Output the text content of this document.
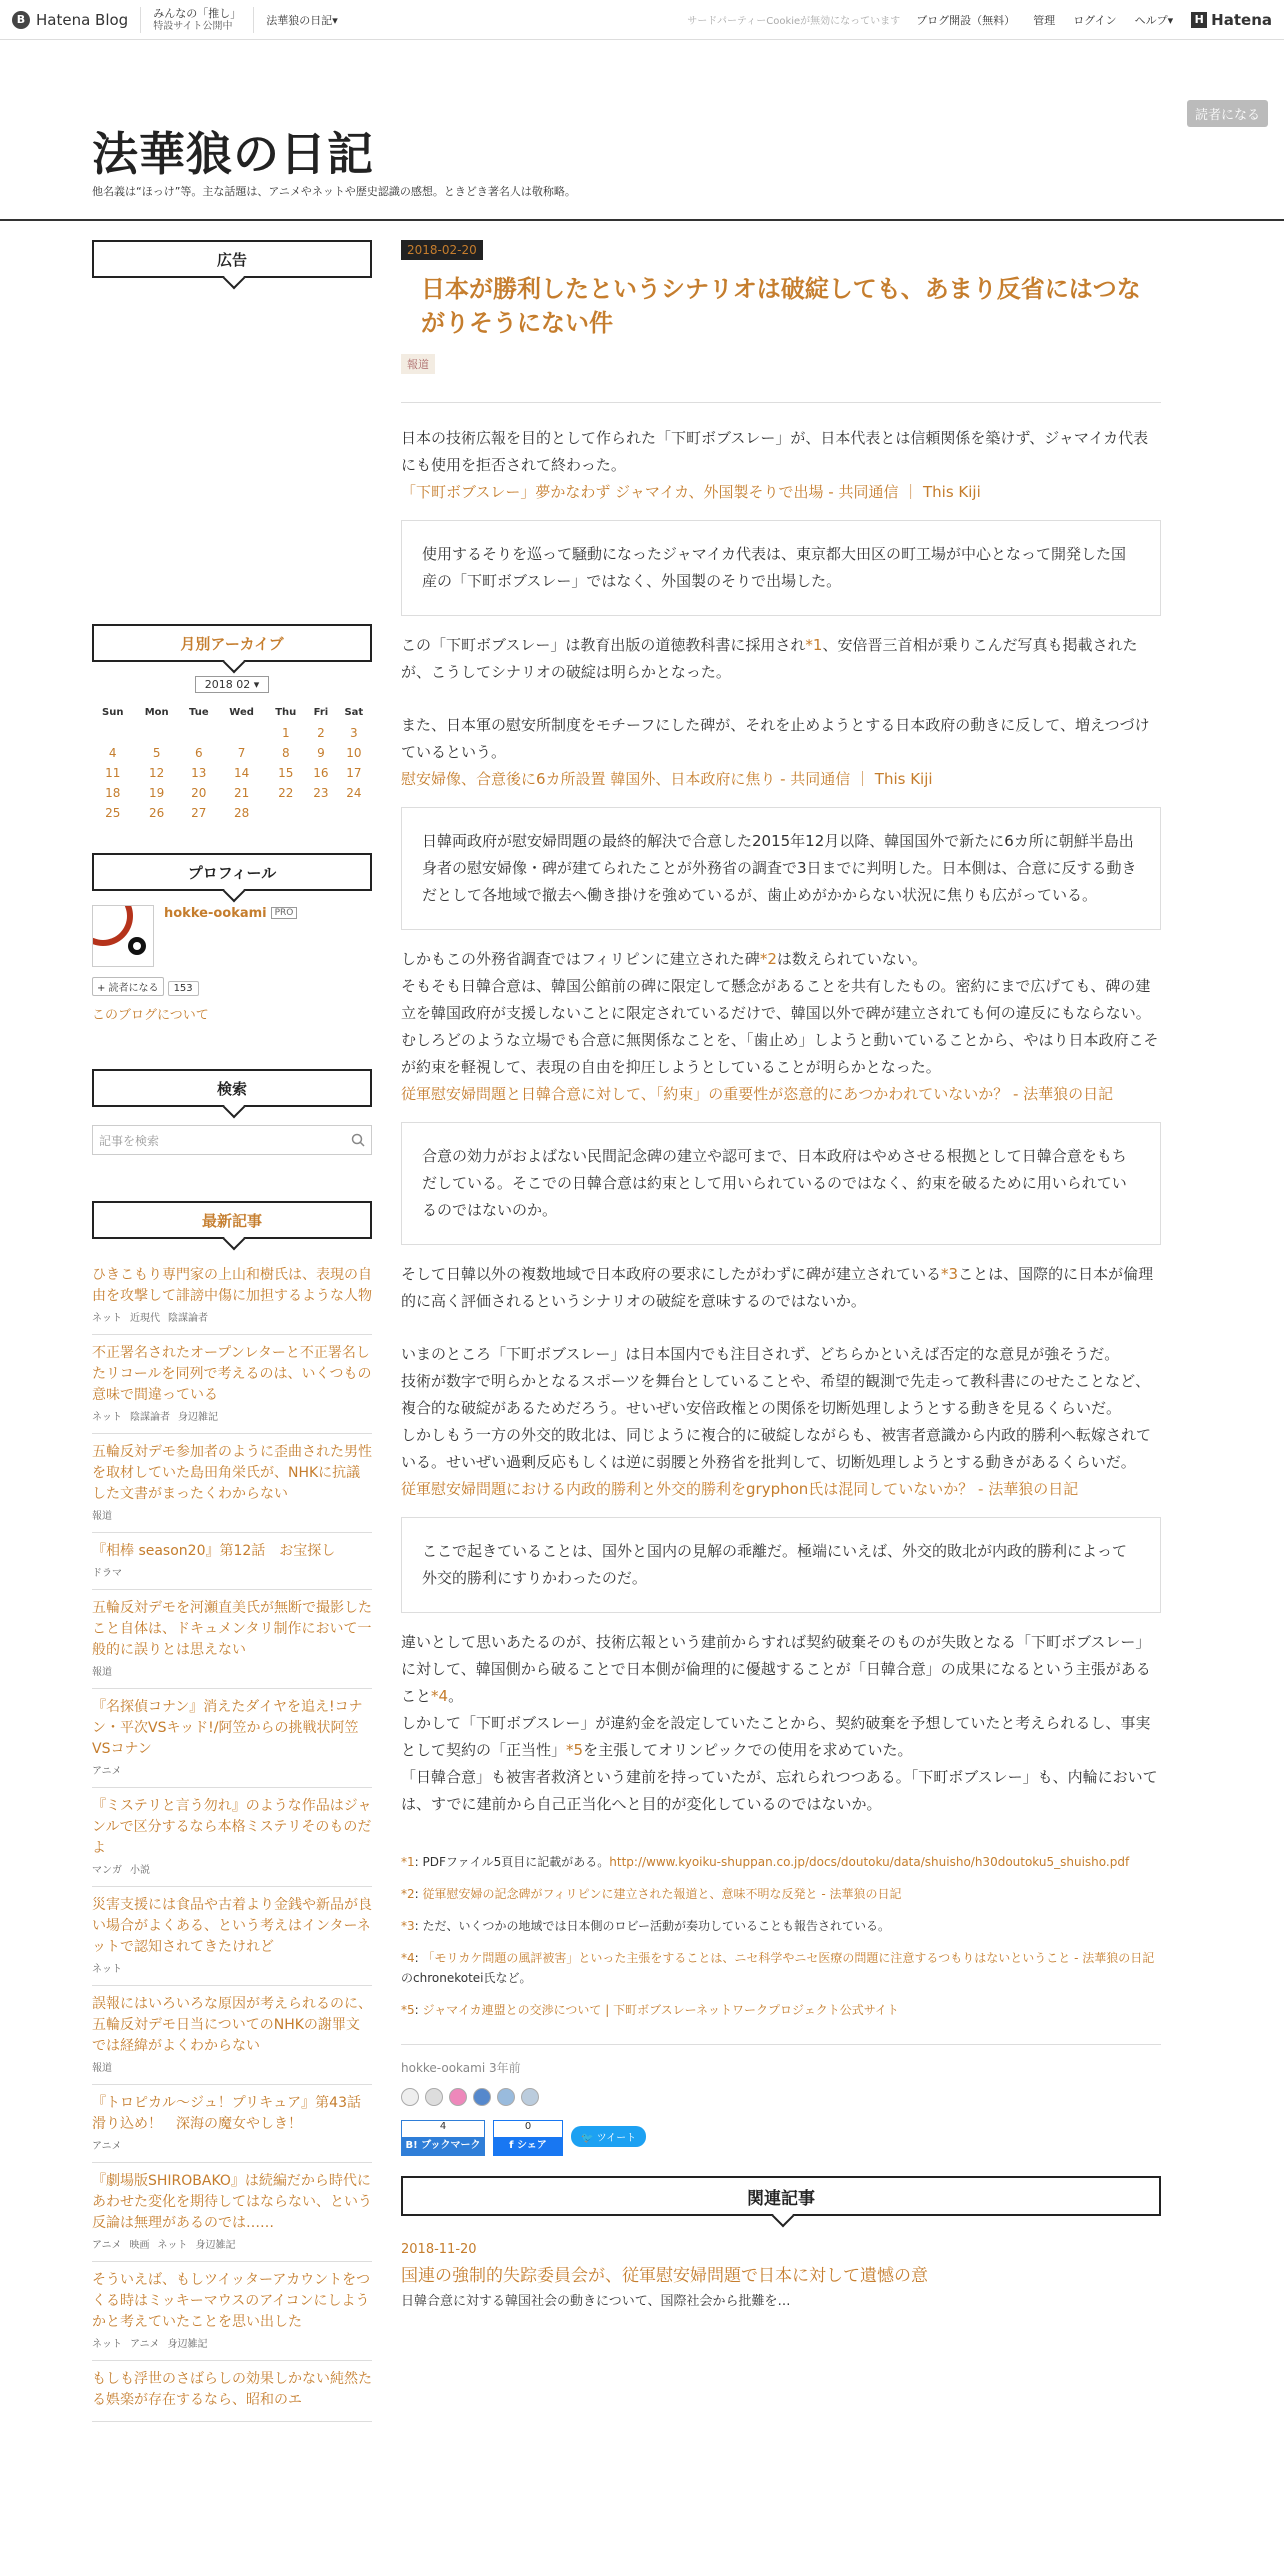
B Hatena Blog みんなの「推し」
特設サイト公開中	法華狼の日記▾	サードパーティーCookieが無効になっています ブログ開設（無料） 管理 ログイン ヘルプ▾	H Hatena
法華狼の日記
他名義は“ほっけ”等。主な話題は、アニメやネットや歴史認識の感想。ときどき著名人は敬称略。
読者になる
広告
月別アーカイブ
2018 02 ▾
Sun	Mon	Tue	Wed	Thu	Fri	Sat
				1	2	3
4	5	6	7	8	9	10
11	12	13	14	15	16	17
18	19	20	21	22	23	24
25	26	27	28			
プロフィール
hokke-ookami PRO
+ 読者になる 153
このブログについて
検索
記事を検索
最新記事
ひきこもり専門家の上山和樹氏は、表現の自由を攻撃して誹謗中傷に加担するような人物
ネット 近現代 陰謀論者
不正署名されたオープンレターと不正署名したリコールを同列で考えるのは、いくつもの意味で間違っている
ネット 陰謀論者 身辺雑記
五輪反対デモ参加者のように歪曲された男性を取材していた島田角栄氏が、NHKに抗議した文書がまったくわからない
報道
『相棒 season20』第12話　お宝探し
ドラマ
五輪反対デモを河瀬直美氏が無断で撮影したこと自体は、ドキュメンタリ制作において一般的に誤りとは思えない
報道
『名探偵コナン』消えたダイヤを追え!コナン・平次VSキッド!/阿笠からの挑戦状阿笠VSコナン
アニメ
『ミステリと言う勿れ』のような作品はジャンルで区分するなら本格ミステリそのものだよ
マンガ 小説
災害支援には食品や古着より金銭や新品が良い場合がよくある、という考えはインターネットで認知されてきたけれど
ネット
誤報にはいろいろな原因が考えられるのに、五輪反対デモ日当についてのNHKの謝罪文では経緯がよくわからない
報道
『トロピカル～ジュ！プリキュア』第43話　滑り込め！　深海の魔女やしき！
アニメ
『劇場版SHIROBAKO』は続編だから時代にあわせた変化を期待してはならない、という反論は無理があるのでは……
アニメ 映画 ネット 身辺雑記
そういえば、もしツイッターアカウントをつくる時はミッキーマウスのアイコンにしようかと考えていたことを思い出した
ネット アニメ 身辺雑記
もしも浮世のさばらしの効果しかない純然たる娯楽が存在するなら、昭和のエ
2018-02-20
日本が勝利したというシナリオは破綻しても、あまり反省にはつながりそうにない件
報道

日本の技術広報を目的として作られた「下町ボブスレー」が、日本代表とは信頼関係を築けず、ジャマイカ代表にも使用を拒否されて終わった。

「下町ボブスレー」夢かなわず ジャマイカ、外国製そりで出場 - 共同通信 ｜ This Kiji

使用するそりを巡って騒動になったジャマイカ代表は、東京都大田区の町工場が中心となって開発した国産の「下町ボブスレー」ではなく、外国製のそりで出場した。

この「下町ボブスレー」は教育出版の道徳教科書に採用され*1、安倍晋三首相が乗りこんだ写真も掲載されたが、こうしてシナリオの破綻は明らかとなった。

また、日本軍の慰安所制度をモチーフにした碑が、それを止めようとする日本政府の動きに反して、増えつづけているという。

慰安婦像、合意後に6カ所設置 韓国外、日本政府に焦り - 共同通信 ｜ This Kiji

日韓両政府が慰安婦問題の最終的解決で合意した2015年12月以降、韓国国外で新たに6カ所に朝鮮半島出身者の慰安婦像・碑が建てられたことが外務省の調査で3日までに判明した。日本側は、合意に反する動きだとして各地域で撤去へ働き掛けを強めているが、歯止めがかからない状況に焦りも広がっている。

しかもこの外務省調査ではフィリピンに建立された碑*2は数えられていない。

そもそも日韓合意は、韓国公館前の碑に限定して懸念があることを共有したもの。密約にまで広げても、碑の建立を韓国政府が支援しないことに限定されているだけで、韓国以外で碑が建立されても何の違反にもならない。

むしろどのような立場でも合意に無関係なことを、「歯止め」しようと動いていることから、やはり日本政府こそが約束を軽視して、表現の自由を抑圧しようとしていることが明らかとなった。

従軍慰安婦問題と日韓合意に対して、「約束」の重要性が恣意的にあつかわれていないか？ - 法華狼の日記

合意の効力がおよばない民間記念碑の建立や認可まで、日本政府はやめさせる根拠として日韓合意をもちだしている。そこでの日韓合意は約束として用いられているのではなく、約束を破るために用いられているのではないのか。

そして日韓以外の複数地域で日本政府の要求にしたがわずに碑が建立されている*3ことは、国際的に日本が倫理的に高く評価されるというシナリオの破綻を意味するのではないか。

いまのところ「下町ボブスレー」は日本国内でも注目されず、どちらかといえば否定的な意見が強そうだ。

技術が数字で明らかとなるスポーツを舞台としていることや、希望的観測で先走って教科書にのせたことなど、複合的な破綻があるためだろう。せいぜい安倍政権との関係を切断処理しようとする動きを見るくらいだ。

しかしもう一方の外交的敗北は、同じように複合的に破綻しながらも、被害者意識から内政的勝利へ転嫁されている。せいぜい過剰反応もしくは逆に弱腰と外務省を批判して、切断処理しようとする動きがあるくらいだ。

従軍慰安婦問題における内政的勝利と外交的勝利をgryphon氏は混同していないか？ - 法華狼の日記

ここで起きていることは、国外と国内の見解の乖離だ。極端にいえば、外交的敗北が内政的勝利によって外交的勝利にすりかわったのだ。

違いとして思いあたるのが、技術広報という建前からすれば契約破棄そのものが失敗となる「下町ボブスレー」に対して、韓国側から破ることで日本側が倫理的に優越することが「日韓合意」の成果になるという主張があること*4。

しかして「下町ボブスレー」が違約金を設定していたことから、契約破棄を予想していたと考えられるし、事実として契約の「正当性」*5を主張してオリンピックでの使用を求めていた。

「日韓合意」も被害者救済という建前を持っていたが、忘れられつつある。「下町ボブスレー」も、内輪においては、すでに建前から自己正当化へと目的が変化しているのではないか。

*1: PDFファイル5頁目に記載がある。http://www.kyoiku-shuppan.co.jp/docs/doutoku/data/shuisho/h30doutoku5_shuisho.pdf
*2: 従軍慰安婦の記念碑がフィリピンに建立された報道と、意味不明な反発と - 法華狼の日記
*3: ただ、いくつかの地域では日本側のロビー活動が奏功していることも報告されている。
*4: 「モリカケ問題の風評被害」といった主張をすることは、ニセ科学やニセ医療の問題に注意するつもりはないということ - 法華狼の日記のchronekotei氏など。
*5: ジャマイカ連盟との交渉について | 下町ボブスレーネットワークプロジェクト公式サイト
hokke-ookami 3年前
4
B! ブックマーク
0
f シェア
🐦 ツイート
関連記事
2018-11-20
国連の強制的失踪委員会が、従軍慰安婦問題で日本に対して遺憾の意
日韓合意に対する韓国社会の動きについて、国際社会から批難を…
